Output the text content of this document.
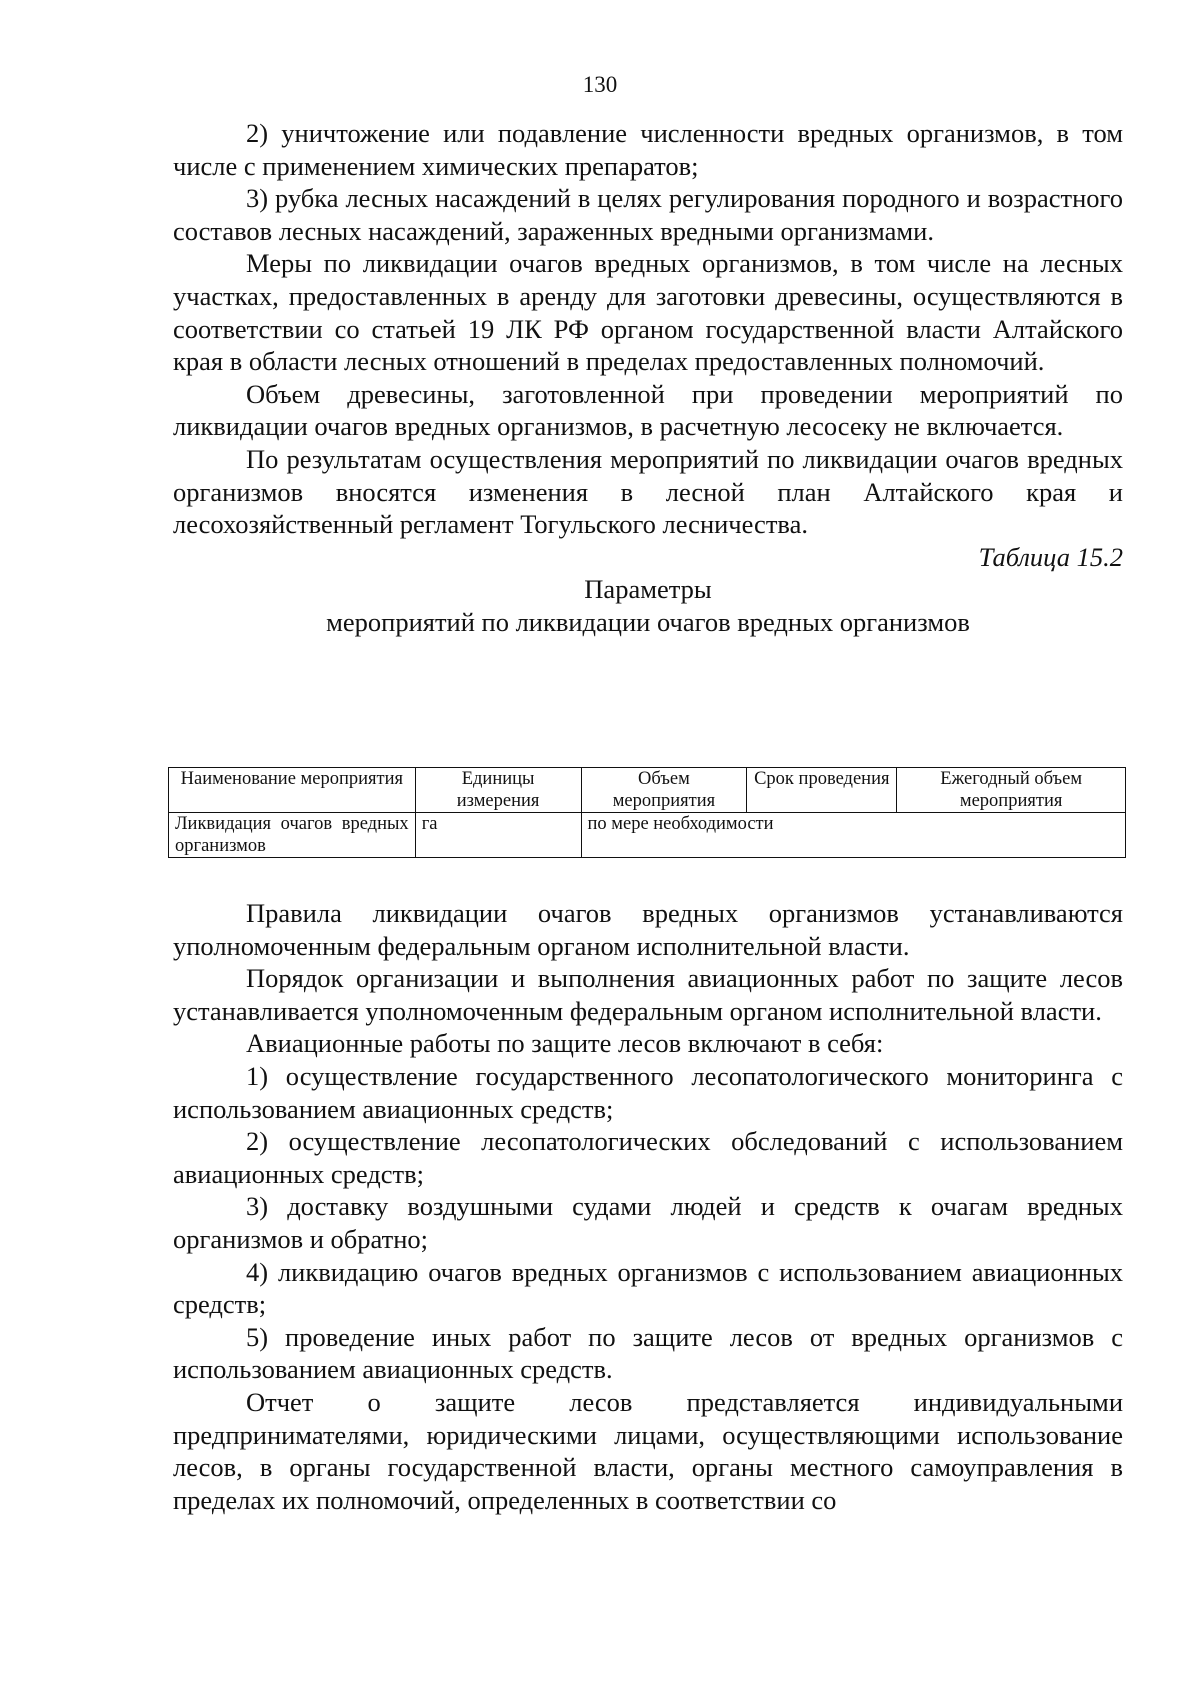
130

2) уничтожение или подавление численности вредных организмов, в том числе с применением химических препаратов;

3) рубка лесных насаждений в целях регулирования породного и возрастного составов лесных насаждений, зараженных вредными организмами.

Меры по ликвидации очагов вредных организмов, в том числе на лесных участках, предоставленных в аренду для заготовки древесины, осуществляются в соответствии со статьей 19 ЛК РФ органом государственной власти Алтайского края в области лесных отношений в пределах предоставленных полномочий.

Объем древесины, заготовленной при проведении мероприятий по ликвидации очагов вредных организмов, в расчетную лесосеку не включается.

По результатам осуществления мероприятий по ликвидации очагов вредных организмов вносятся изменения в лесной план Алтайского края и лесохозяйственный регламент Тогульского лесничества.

Таблица 15.2

Параметры

мероприятий по ликвидации очагов вредных организмов

Наименование мероприятия	Единицы измерения	Объем мероприятия	Срок проведения	Ежегодный объем мероприятия

Ликвидация очагов вредных организмов	га	по мере необходимости		

Правила ликвидации очагов вредных организмов устанавливаются уполномоченным федеральным органом исполнительной власти.

Порядок организации и выполнения авиационных работ по защите лесов устанавливается уполномоченным федеральным органом исполнительной власти.

Авиационные работы по защите лесов включают в себя:

1) осуществление государственного лесопатологического мониторинга с использованием авиационных средств;

2) осуществление лесопатологических обследований с использованием авиационных средств;

3) доставку воздушными судами людей и средств к очагам вредных организмов и обратно;

4) ликвидацию очагов вредных организмов с использованием авиационных средств;

5) проведение иных работ по защите лесов от вредных организмов с использованием авиационных средств.

Отчет о защите лесов представляется индивидуальными предпринимателями, юридическими лицами, осуществляющими использование лесов, в органы государственной власти, органы местного самоуправления в пределах их полномочий, определенных в соответствии со
